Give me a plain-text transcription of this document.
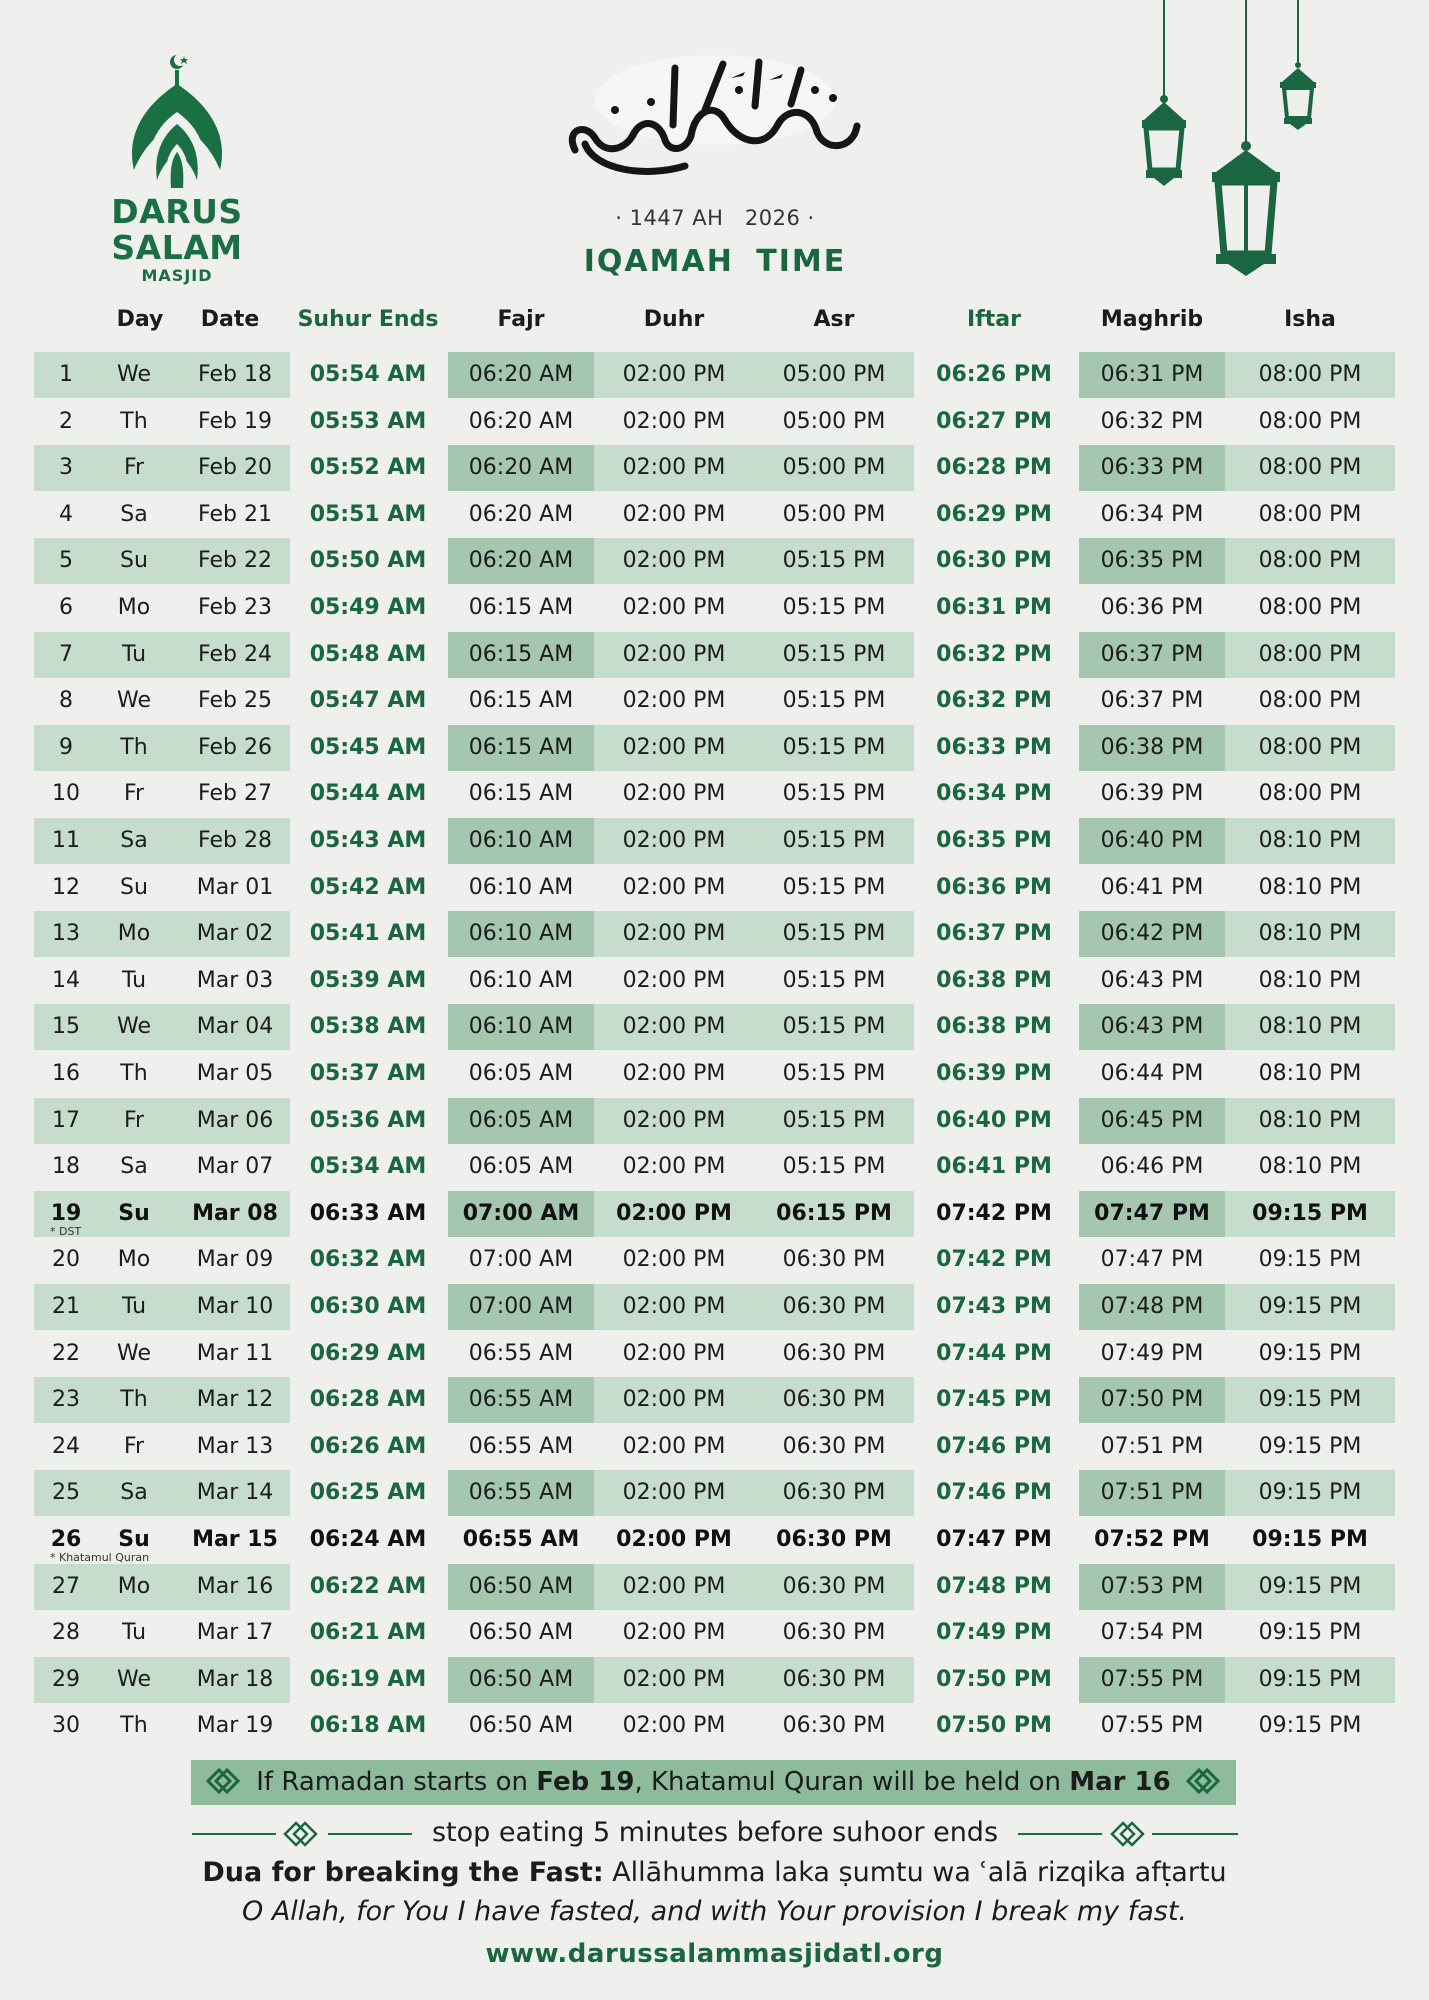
DARUS SALAM
MASJID
· 1447 AH 2026 ·
IQAMAH TIME
Day	Date	Suhur Ends	Fajr	Duhr	Asr	Iftar	Maghrib	Isha
1	We	Feb 18	05:54 AM	06:20 AM	02:00 PM	05:00 PM	06:26 PM	06:31 PM	08:00 PM
2	Th	Feb 19	05:53 AM	06:20 AM	02:00 PM	05:00 PM	06:27 PM	06:32 PM	08:00 PM
3	Fr	Feb 20	05:52 AM	06:20 AM	02:00 PM	05:00 PM	06:28 PM	06:33 PM	08:00 PM
4	Sa	Feb 21	05:51 AM	06:20 AM	02:00 PM	05:00 PM	06:29 PM	06:34 PM	08:00 PM
5	Su	Feb 22	05:50 AM	06:20 AM	02:00 PM	05:15 PM	06:30 PM	06:35 PM	08:00 PM
6	Mo	Feb 23	05:49 AM	06:15 AM	02:00 PM	05:15 PM	06:31 PM	06:36 PM	08:00 PM
7	Tu	Feb 24	05:48 AM	06:15 AM	02:00 PM	05:15 PM	06:32 PM	06:37 PM	08:00 PM
8	We	Feb 25	05:47 AM	06:15 AM	02:00 PM	05:15 PM	06:32 PM	06:37 PM	08:00 PM
9	Th	Feb 26	05:45 AM	06:15 AM	02:00 PM	05:15 PM	06:33 PM	06:38 PM	08:00 PM
10	Fr	Feb 27	05:44 AM	06:15 AM	02:00 PM	05:15 PM	06:34 PM	06:39 PM	08:00 PM
11	Sa	Feb 28	05:43 AM	06:10 AM	02:00 PM	05:15 PM	06:35 PM	06:40 PM	08:10 PM
12	Su	Mar 01	05:42 AM	06:10 AM	02:00 PM	05:15 PM	06:36 PM	06:41 PM	08:10 PM
13	Mo	Mar 02	05:41 AM	06:10 AM	02:00 PM	05:15 PM	06:37 PM	06:42 PM	08:10 PM
14	Tu	Mar 03	05:39 AM	06:10 AM	02:00 PM	05:15 PM	06:38 PM	06:43 PM	08:10 PM
15	We	Mar 04	05:38 AM	06:10 AM	02:00 PM	05:15 PM	06:38 PM	06:43 PM	08:10 PM
16	Th	Mar 05	05:37 AM	06:05 AM	02:00 PM	05:15 PM	06:39 PM	06:44 PM	08:10 PM
17	Fr	Mar 06	05:36 AM	06:05 AM	02:00 PM	05:15 PM	06:40 PM	06:45 PM	08:10 PM
18	Sa	Mar 07	05:34 AM	06:05 AM	02:00 PM	05:15 PM	06:41 PM	06:46 PM	08:10 PM
19	Su	Mar 08	06:33 AM	07:00 AM	02:00 PM	06:15 PM	07:42 PM	07:47 PM	09:15 PM
* DST
20	Mo	Mar 09	06:32 AM	07:00 AM	02:00 PM	06:30 PM	07:42 PM	07:47 PM	09:15 PM
21	Tu	Mar 10	06:30 AM	07:00 AM	02:00 PM	06:30 PM	07:43 PM	07:48 PM	09:15 PM
22	We	Mar 11	06:29 AM	06:55 AM	02:00 PM	06:30 PM	07:44 PM	07:49 PM	09:15 PM
23	Th	Mar 12	06:28 AM	06:55 AM	02:00 PM	06:30 PM	07:45 PM	07:50 PM	09:15 PM
24	Fr	Mar 13	06:26 AM	06:55 AM	02:00 PM	06:30 PM	07:46 PM	07:51 PM	09:15 PM
25	Sa	Mar 14	06:25 AM	06:55 AM	02:00 PM	06:30 PM	07:46 PM	07:51 PM	09:15 PM
26	Su	Mar 15	06:24 AM	06:55 AM	02:00 PM	06:30 PM	07:47 PM	07:52 PM	09:15 PM
* Khatamul Quran
27	Mo	Mar 16	06:22 AM	06:50 AM	02:00 PM	06:30 PM	07:48 PM	07:53 PM	09:15 PM
28	Tu	Mar 17	06:21 AM	06:50 AM	02:00 PM	06:30 PM	07:49 PM	07:54 PM	09:15 PM
29	We	Mar 18	06:19 AM	06:50 AM	02:00 PM	06:30 PM	07:50 PM	07:55 PM	09:15 PM
30	Th	Mar 19	06:18 AM	06:50 AM	02:00 PM	06:30 PM	07:50 PM	07:55 PM	09:15 PM
If Ramadan starts on Feb 19, Khatamul Quran will be held on Mar 16
stop eating 5 minutes before suhoor ends
Dua for breaking the Fast: Allāhumma laka ṣumtu wa ʿalā rizqika afṭartu
O Allah, for You I have fasted, and with Your provision I break my fast.
www.darussalammasjidatl.org
